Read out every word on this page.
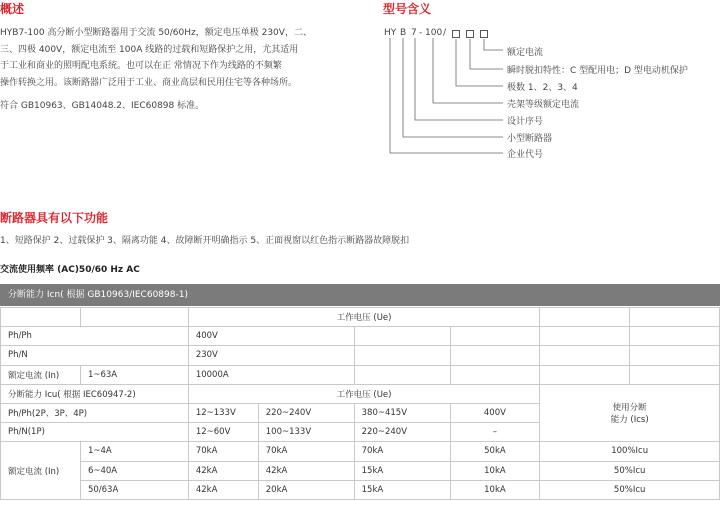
概述
HYB7-100 高分断小型断路器用于交流 50/60Hz，额定电压单极 230V，二、
三、四极 400V，额定电流至 100A 线路的过载和短路保护之用，尤其适用
于工业和商业的照明配电系统。也可以在正 常情况下作为线路的不频繁
操作转换之用。该断路器广泛用于工业、商业高层和民用住宅等各种场所。
符合 GB10963、GB14048.2、IEC60898 标准。
型号含义
HY B 7 - 100 /
额定电流
瞬时脱扣特性：C 型配用电；D 型电动机保护
极数 1、2、3、4
壳架等级额定电流
设计序号
小型断路器
企业代号
断路器具有以下功能
1、短路保护 2、过载保护 3、隔离功能 4、故障断开明确指示 5、正面视窗以红色指示断路器故障脱扣
交流使用频率 (AC)50/60 Hz AC
分断能力 Icn( 根据 GB10963/IEC60898-1)
		工作电压 (Ue)					
Ph/Ph		400V					
Ph/N		230V					
额定电流 (In)	1~63A	10000A					
分断能力 Icu( 根据 IEC60947-2)		工作电压 (Ue)				使用分断
能力 (Ics)	

Ph/Ph(2P、3P、4P)		12~133V	220~240V	380~415V	400V		
Ph/N(1P)		12~60V	100~133V	220~240V	–		
额定电流 (In)	1~4A	70kA	70kA	70kA	50kA	100%Icu	
	6~40A	42kA	42kA	15kA	10kA	50%Icu	
	50/63A	42kA	20kA	15kA	10kA	50%Icu	
